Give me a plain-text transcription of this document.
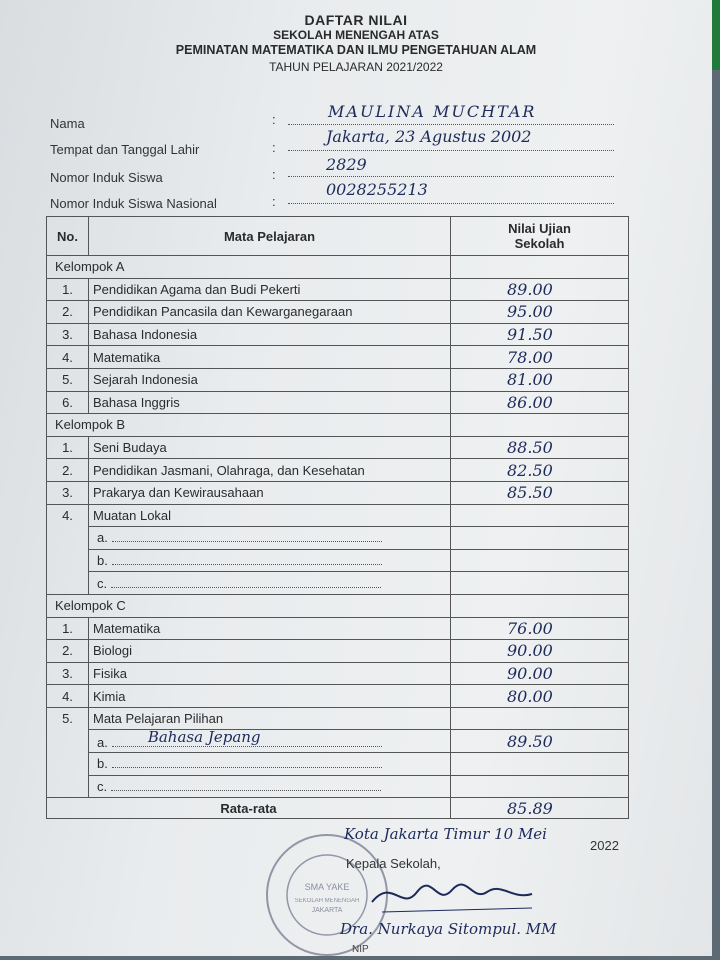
DAFTAR NILAI
SEKOLAH MENENGAH ATAS
PEMINATAN MATEMATIKA DAN ILMU PENGETAHUAN ALAM
TAHUN PELAJARAN 2021/2022
Nama	:	MAULINA MUCHTAR
Tempat dan Tanggal Lahir	:
Jakarta, 23 Agustus 2002
Nomor Induk Siswa	:
2829
Nomor Induk Siswa Nasional	:
0028255213
No.	Mata Pelajaran	Nilai Ujian
Sekolah

Kelompok A		
1.	Pendidikan Agama dan Budi Pekerti	89.00
2.	Pendidikan Pancasila dan Kewarganegaraan	95.00
3.	Bahasa Indonesia	91.50
4.	Matematika	78.00
5.	Sejarah Indonesia	81.00
6.	Bahasa Inggris	86.00
Kelompok B		
1.	Seni Budaya	88.50
2.	Pendidikan Jasmani, Olahraga, dan Kesehatan	82.50
3.	Prakarya dan Kewirausahaan	85.50
4.	Muatan Lokal	
	a.	
	b.	
	c.	
Kelompok C		
1.	Matematika	76.00
2.	Biologi	90.00
3.	Fisika	90.00
4.	Kimia	80.00
5.	Mata Pelajaran Pilihan	
	a. Bahasa Jepang	89.50
	b.	
	c.	
Rata-rata		85.89
SMA YAKE
SEKOLAH MENENGAH
JAKARTA
Kota Jakarta Timur 10 Mei
2022
Kepala Sekolah,
Dra. Nurkaya Sitompul. MM
NIP
